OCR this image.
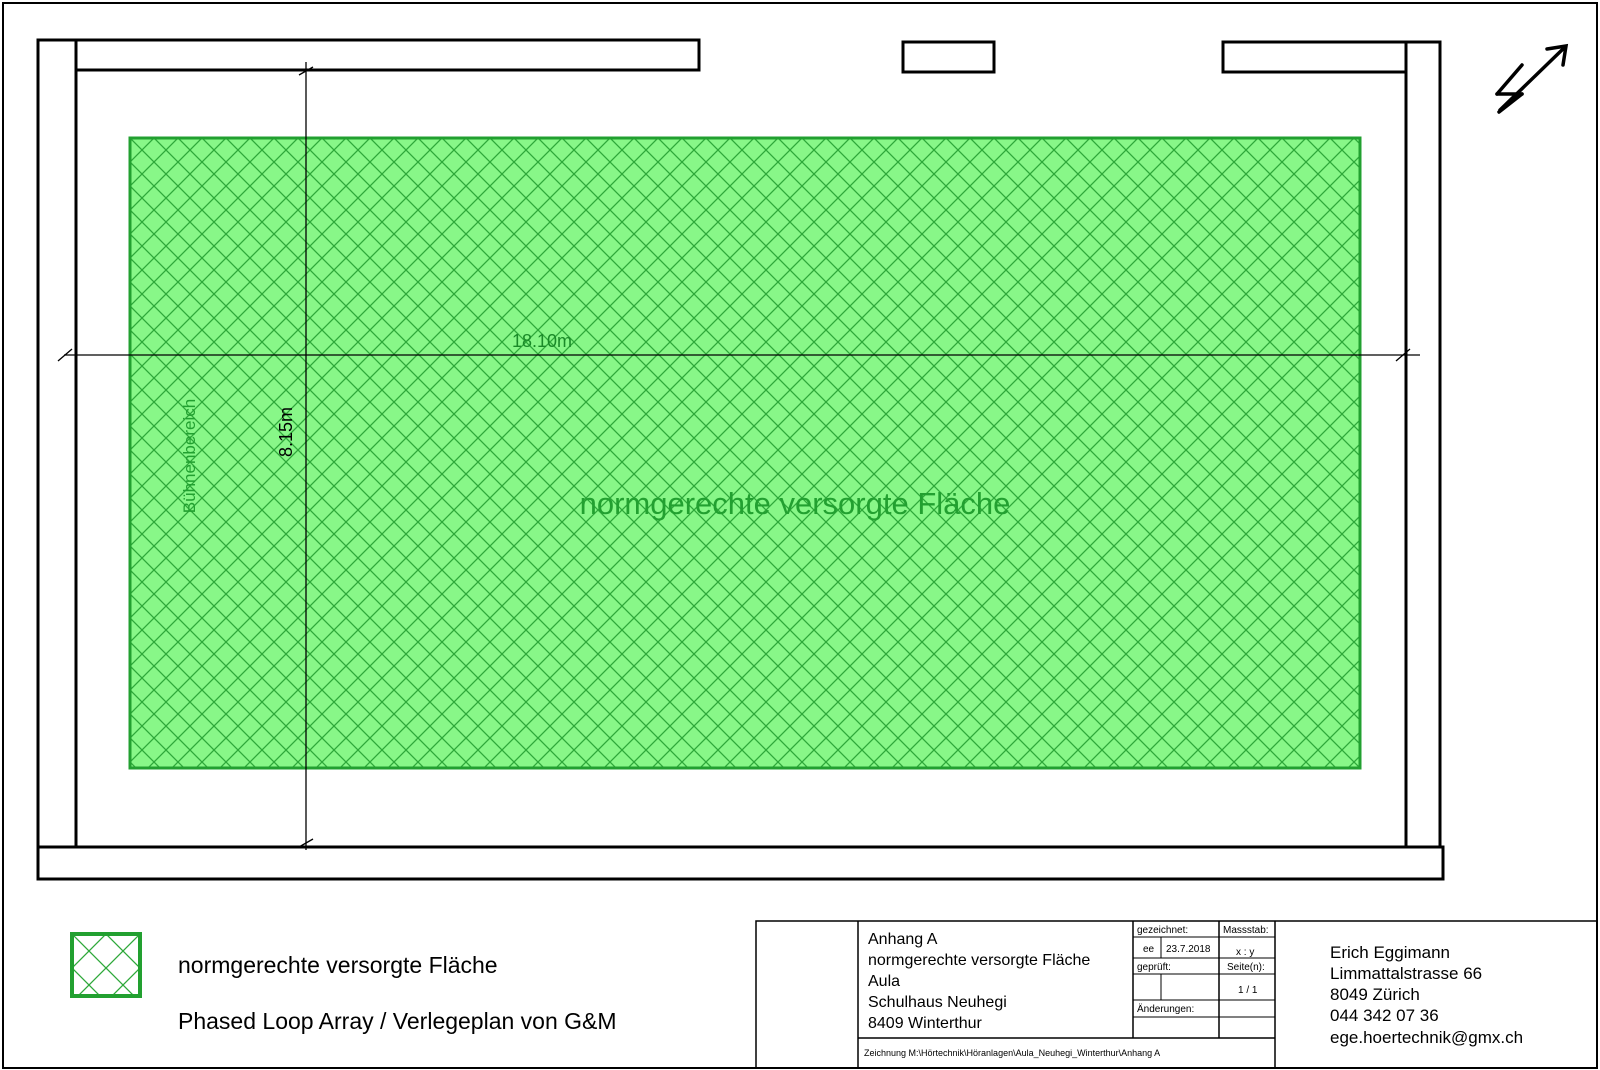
18.10m
8.15m
Bühnenbereich	normgerechte versorgte Fläche
normgerechte versorgte Fläche
Phased Loop Array / Verlegeplan von G&M
Anhang A
normgerechte versorgte Fläche
Aula
Schulhaus Neuhegi
8409 Winterthur
gezeichnet:	Massstab:
ee 23.7.2018	x : y
geprüft:	Seite(n):
1 / 1
Änderungen:
Zeichnung M:\Hörtechnik\Höranlagen\Aula_Neuhegi_Winterthur\Anhang A
Erich Eggimann
Limmattalstrasse 66
8049 Zürich
044 342 07 36
ege.hoertechnik@gmx.ch
